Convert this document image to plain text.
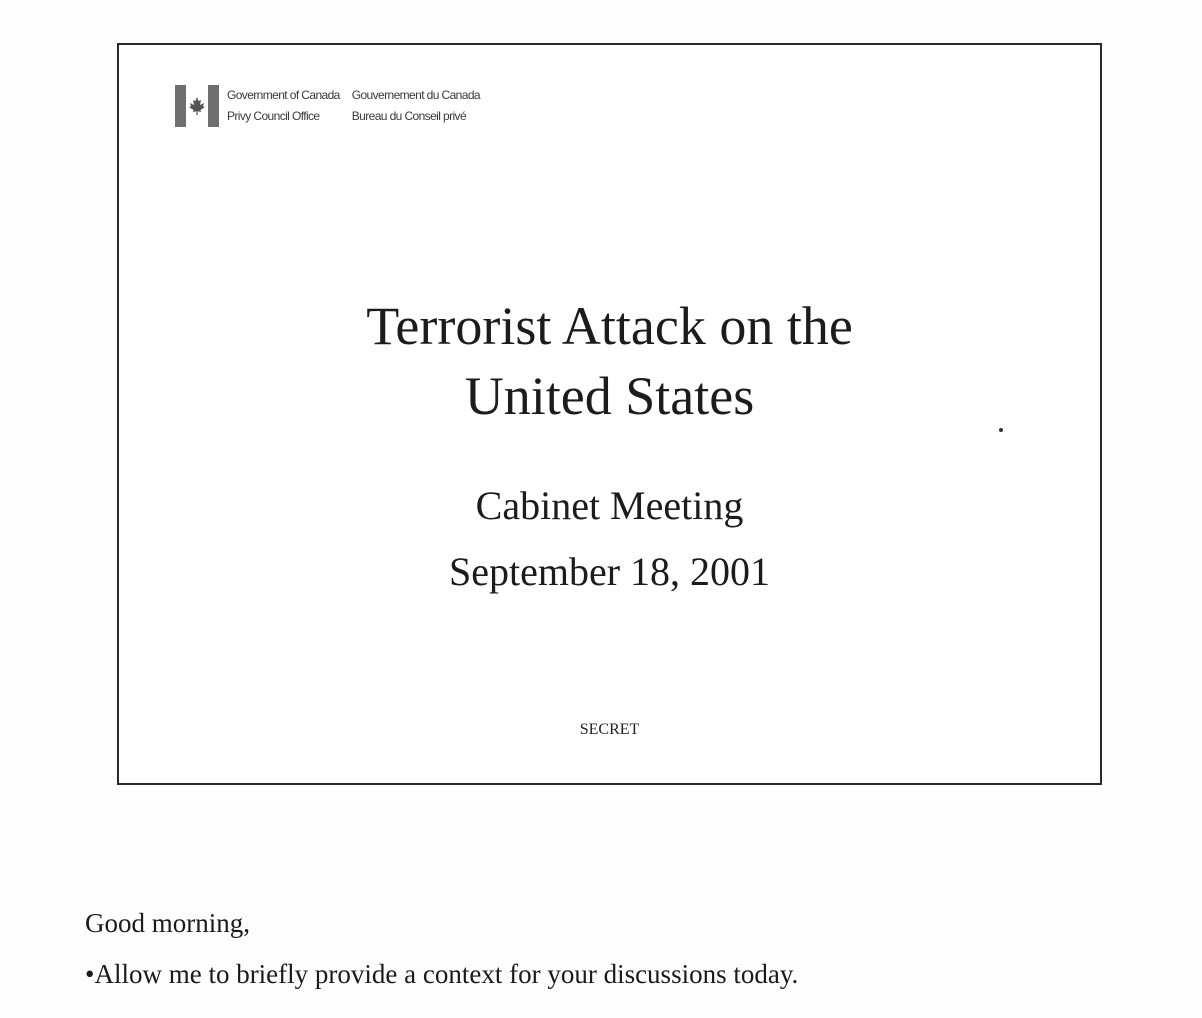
Government of Canada
Privy Council Office
Gouvernement du Canada
Bureau du Conseil privé
Terrorist Attack on the
United States
Cabinet Meeting
September 18, 2001
SECRET
Good morning,
•Allow me to briefly provide a context for your discussions today.
